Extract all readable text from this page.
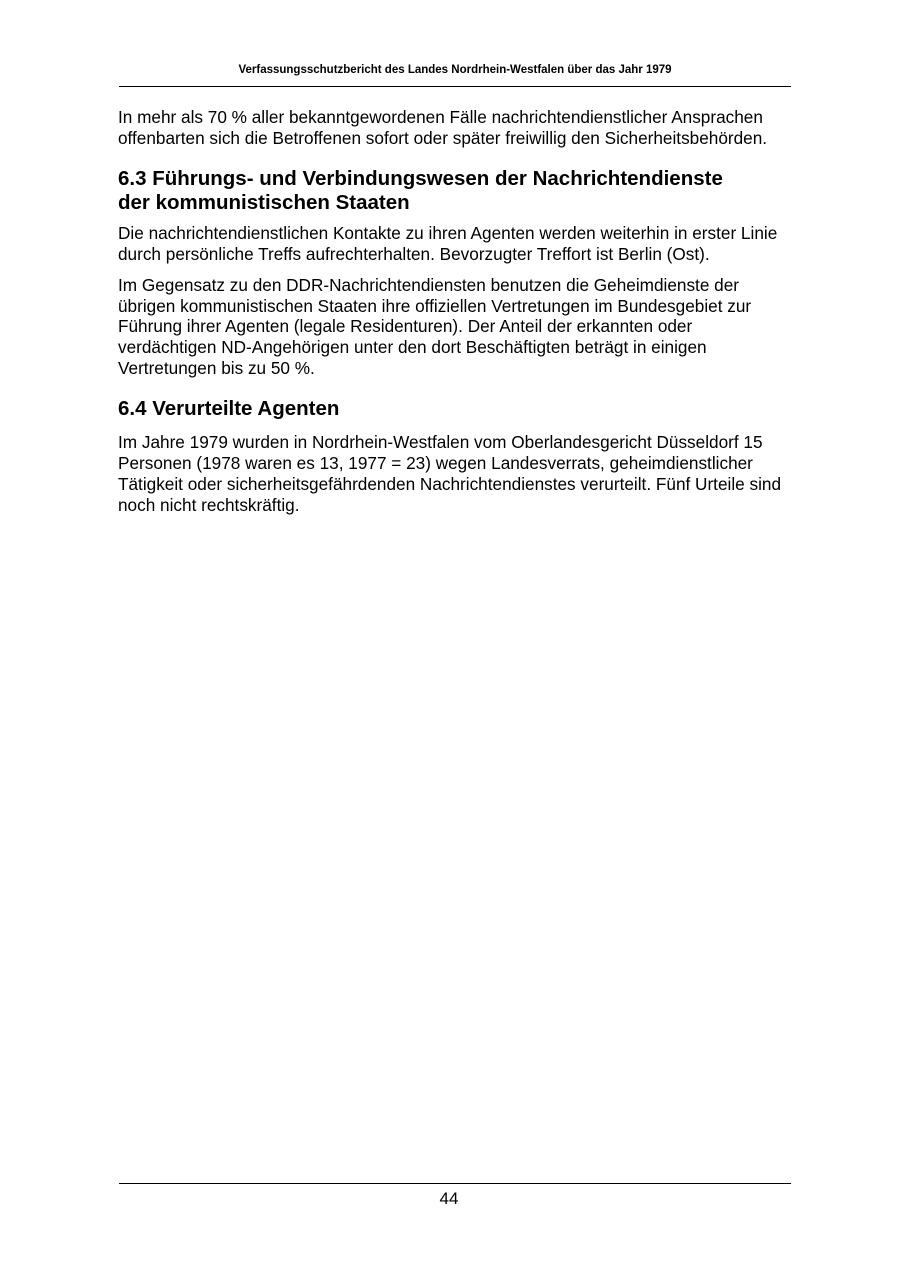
Verfassungsschutzbericht des Landes Nordrhein-Westfalen über das Jahr 1979

In mehr als 70 % aller bekanntgewordenen Fälle nachrichtendienstlicher Ansprachen offenbarten sich die Betroffenen sofort oder später freiwillig den Sicherheitsbehörden.

6.3 Führungs- und Verbindungswesen der Nachrichtendienste
der kommunistischen Staaten

Die nachrichtendienstlichen Kontakte zu ihren Agenten werden weiterhin in erster Linie durch persönliche Treffs aufrechterhalten. Bevorzugter Treffort ist Berlin (Ost).

Im Gegensatz zu den DDR-Nachrichtendiensten benutzen die Geheimdienste der übrigen kommunistischen Staaten ihre offiziellen Vertretungen im Bundesgebiet zur Führung ihrer Agenten (legale Residenturen). Der Anteil der erkannten oder verdächtigen ND-Angehörigen unter den dort Beschäftigten beträgt in einigen Vertretungen bis zu 50 %.

6.4 Verurteilte Agenten

Im Jahre 1979 wurden in Nordrhein-Westfalen vom Oberlandesgericht Düsseldorf 15 Personen (1978 waren es 13, 1977 = 23) wegen Landesverrats, geheimdienstlicher Tätigkeit oder sicherheitsgefährdenden Nachrichtendienstes verurteilt. Fünf Urteile sind noch nicht rechtskräftig.

44
